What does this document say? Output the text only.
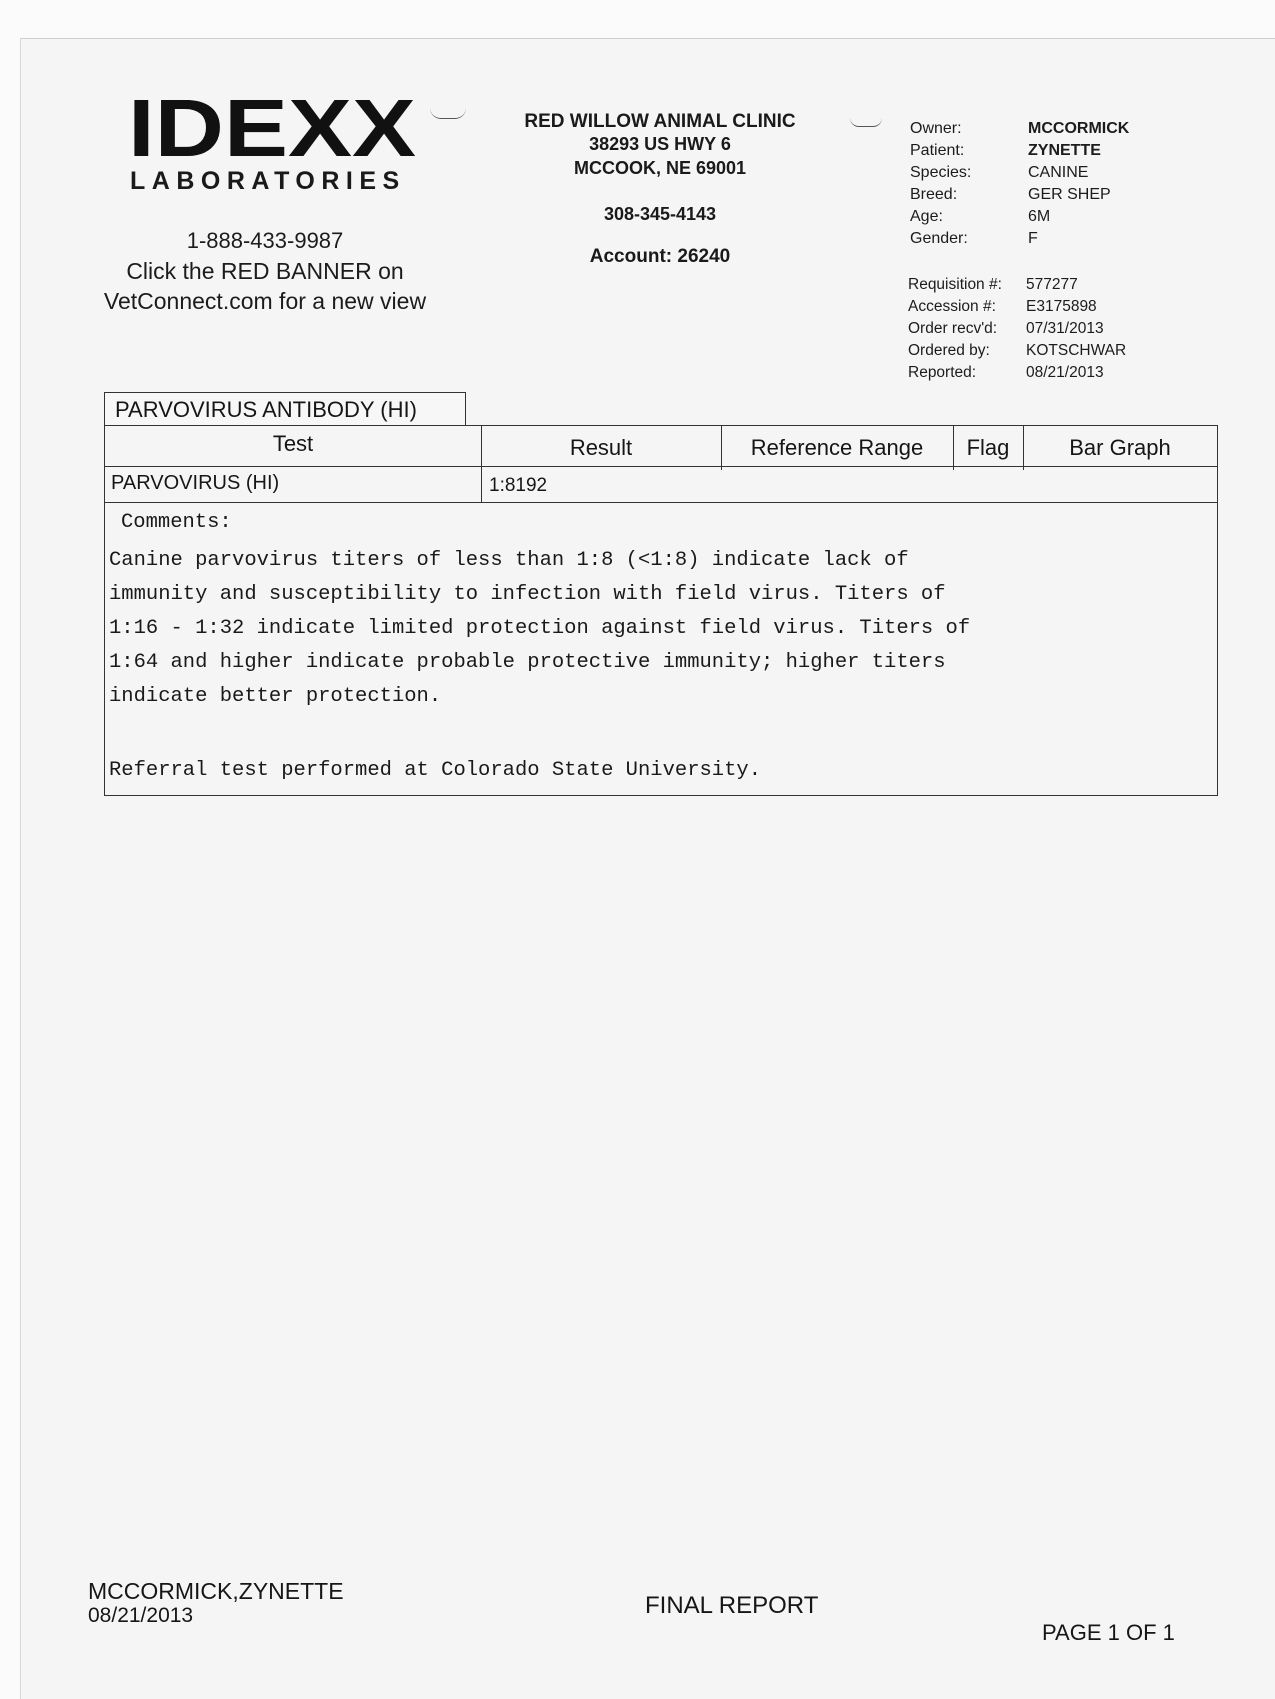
IDEXX
LABORATORIES
1-888-433-9987
Click the RED BANNER on
VetConnect.com for a new view
RED WILLOW ANIMAL CLINIC
38293 US HWY 6
MCCOOK, NE 69001
308-345-4143
Account: 26240
Owner:	MCCORMICK
Patient:	ZYNETTE
Species:	CANINE
Breed:	GER SHEP
Age:	6M
Gender:	F
Requisition #: 577277
Accession #: E3175898
Order recv'd: 07/31/2013
Ordered by: KOTSCHWAR
Reported:	08/21/2013
PARVOVIRUS ANTIBODY (HI)
Test	Result	Reference Range	Flag	Bar Graph
PARVOVIRUS (HI)	1:8192
Comments:
Canine parvovirus titers of less than 1:8 (<1:8) indicate lack of
immunity and susceptibility to infection with field virus. Titers of
1:16 - 1:32 indicate limited protection against field virus. Titers of
1:64 and higher indicate probable protective immunity; higher titers
indicate better protection.
Referral test performed at Colorado State University.
MCCORMICK,ZYNETTE
08/21/2013	FINAL REPORT
PAGE 1 OF 1
